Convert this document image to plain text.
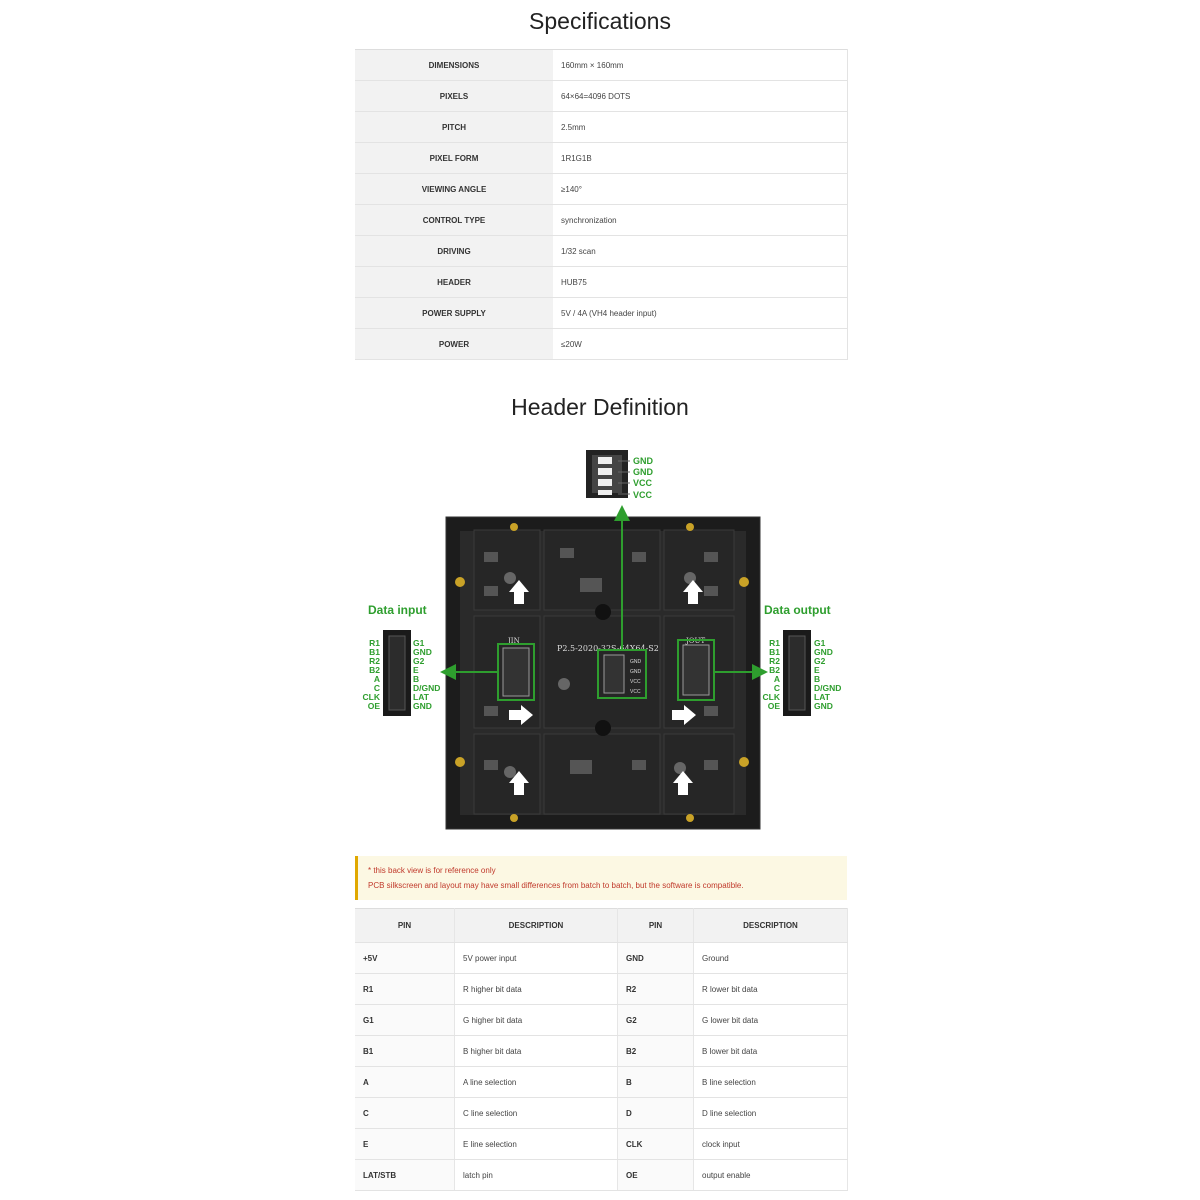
Specifications
DIMENSIONS	160mm × 160mm
PIXELS	64×64=4096 DOTS
PITCH	2.5mm
PIXEL FORM	1R1G1B
VIEWING ANGLE	≥140°
CONTROL TYPE	synchronization
DRIVING	1/32 scan
HEADER	HUB75
POWER SUPPLY	5V / 4A (VH4 header input)
POWER	≤20W
Header Definition
GND
GND
VCC
VCC
P2.5-2020-32S-64X64-S2
JIN	JOUT
GND
GND
VCC
VCC
Data input
R1
B1
R2
B2
A
C
CLK
OE
G1
GND
G2
E
B
D/GND
LAT
GND
Data output
R1
B1
R2
B2
A
C
CLK
OE
G1
GND
G2
E
B
D/GND
LAT
GND
* this back view is for reference only
PCB silkscreen and layout may have small differences from batch to batch, but the software is compatible.
PIN	DESCRIPTION	PIN	DESCRIPTION
+5V	5V power input	GND	Ground
R1	R higher bit data	R2	R lower bit data
G1	G higher bit data	G2	G lower bit data
B1	B higher bit data	B2	B lower bit data
A	A line selection	B	B line selection
C	C line selection	D	D line selection
E	E line selection	CLK	clock input
LAT/STB	latch pin	OE	output enable
